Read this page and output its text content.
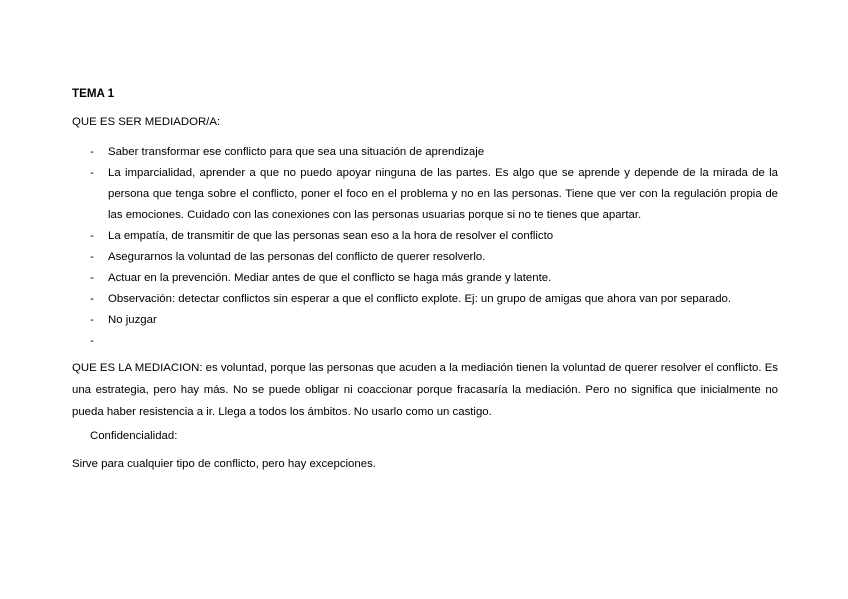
TEMA 1
QUE ES SER MEDIADOR/A:
- Saber transformar ese conflicto para que sea una situación de aprendizaje
- La imparcialidad, aprender a que no puedo apoyar ninguna de las partes. Es algo que se aprende y depende de la mirada de la persona que tenga sobre el conflicto, poner el foco en el problema y no en las personas. Tiene que ver con la regulación propia de las emociones. Cuidado con las conexiones con las personas usuarias porque si no te tienes que apartar.
- La empatía, de transmitir de que las personas sean eso a la hora de resolver el conflicto
- Asegurarnos la voluntad de las personas del conflicto de querer resolverlo.
- Actuar en la prevención. Mediar antes de que el conflicto se haga más grande y latente.
- Observación: detectar conflictos sin esperar a que el conflicto explote. Ej: un grupo de amigas que ahora van por separado.
- No juzgar
-

QUE ES LA MEDIACION: es voluntad, porque las personas que acuden a la mediación tienen la voluntad de querer resolver el conflicto. Es una estrategia, pero hay más. No se puede obligar ni coaccionar porque fracasaría la mediación. Pero no significa que inicialmente no pueda haber resistencia a ir. Llega a todos los ámbitos. No usarlo como un castigo.

Confidencialidad:
Sirve para cualquier tipo de conflicto, pero hay excepciones.
